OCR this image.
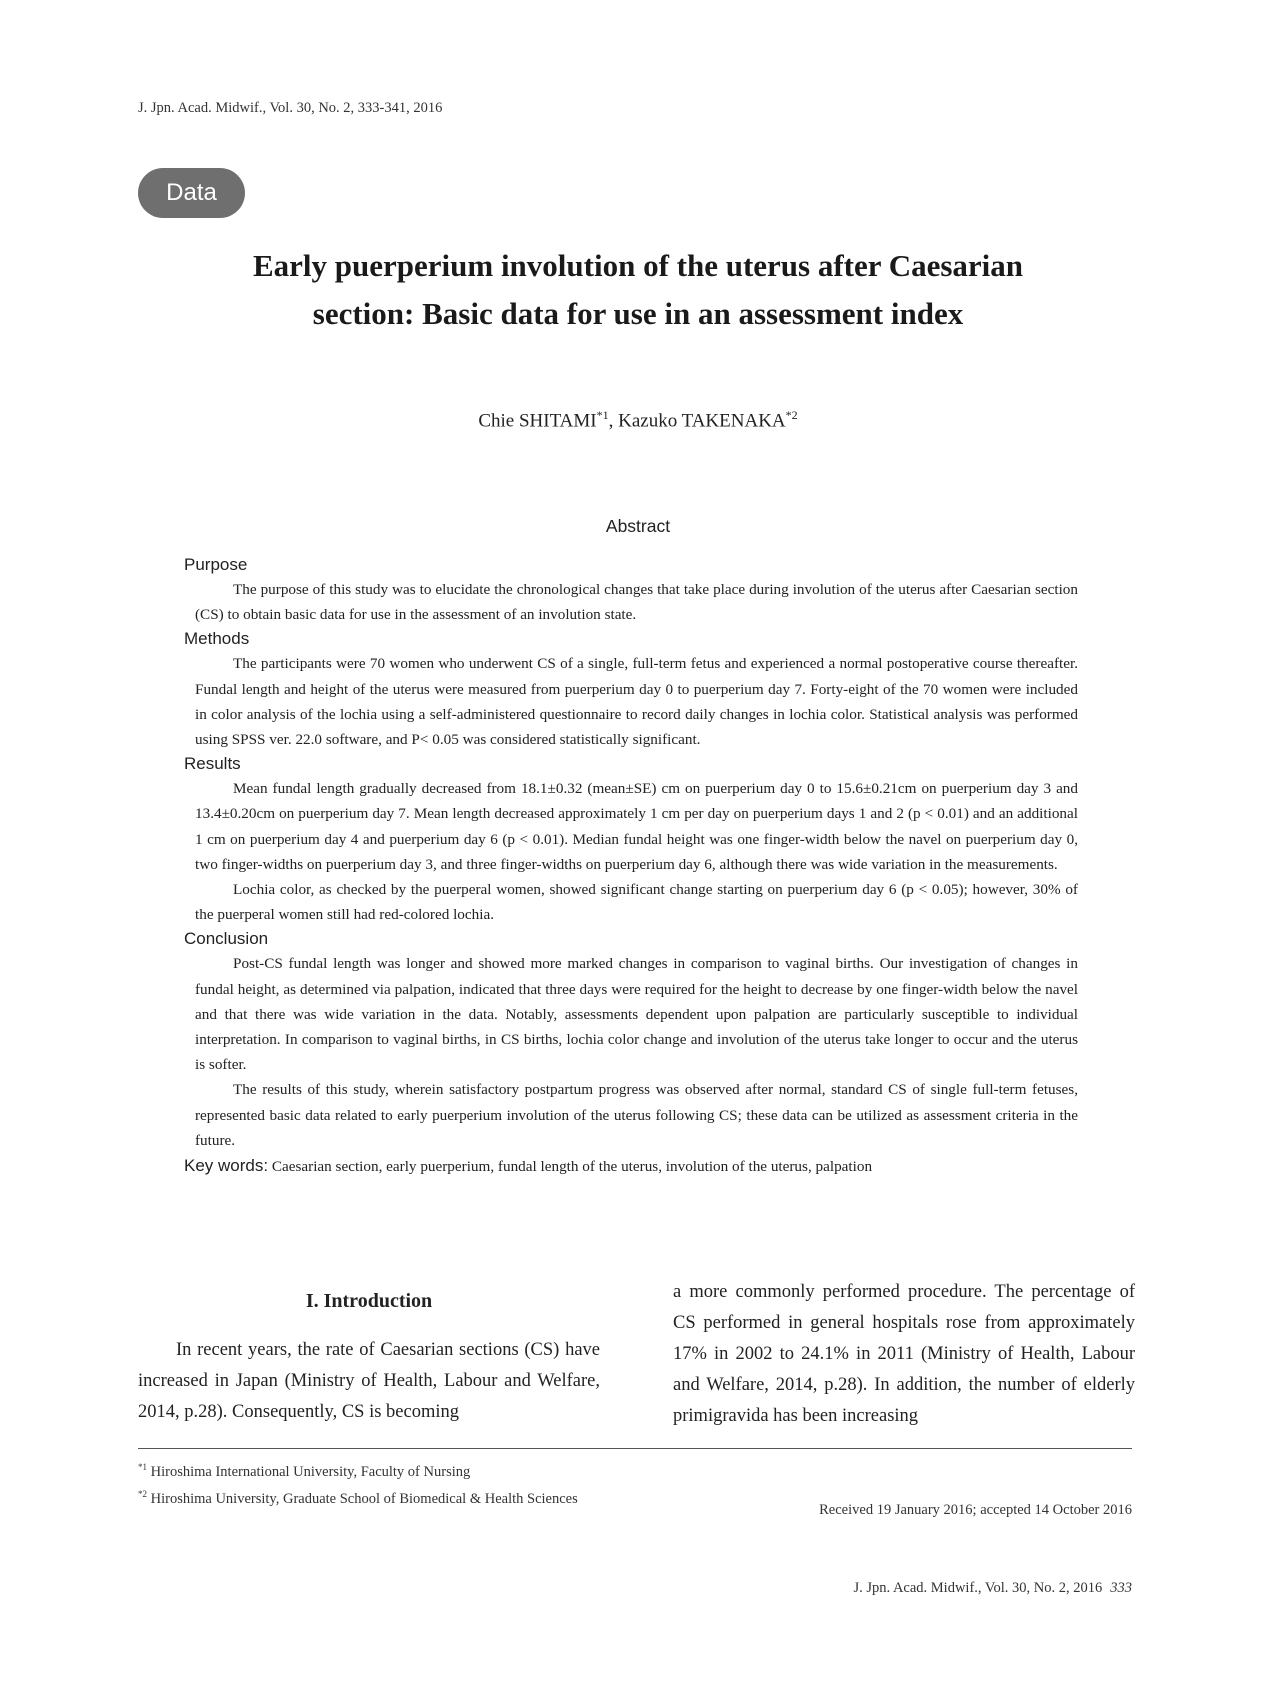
J. Jpn. Acad. Midwif., Vol. 30, No. 2, 333-341, 2016
Data
Early puerperium involution of the uterus after Caesarian
section: Basic data for use in an assessment index
Chie SHITAMI$^{*1}$, Kazuko TAKENAKA$^{*2}$
Abstract
Purpose

The purpose of this study was to elucidate the chronological changes that take place during involution of the uterus after Caesarian section (CS) to obtain basic data for use in the assessment of an involution state.

Methods

The participants were 70 women who underwent CS of a single, full-term fetus and experienced a normal postoperative course thereafter. Fundal length and height of the uterus were measured from puerperium day 0 to puerperium day 7. Forty-eight of the 70 women were included in color analysis of the lochia using a self-administered questionnaire to record daily changes in lochia color. Statistical analysis was performed using SPSS ver. 22.0 software, and P< 0.05 was considered statistically significant.

Results

Mean fundal length gradually decreased from 18.1±0.32 (mean±SE) cm on puerperium day 0 to 15.6±0.21cm on puerperium day 3 and 13.4±0.20cm on puerperium day 7. Mean length decreased approximately 1 cm per day on puerperium days 1 and 2 (p < 0.01) and an additional 1 cm on puerperium day 4 and puerperium day 6 (p < 0.01). Median fundal height was one finger-width below the navel on puerperium day 0, two finger-widths on puerperium day 3, and three finger-widths on puerperium day 6, although there was wide variation in the measurements.

Lochia color, as checked by the puerperal women, showed significant change starting on puerperium day 6 (p < 0.05); however, 30% of the puerperal women still had red-colored lochia.

Conclusion

Post-CS fundal length was longer and showed more marked changes in comparison to vaginal births. Our investigation of changes in fundal height, as determined via palpation, indicated that three days were required for the height to decrease by one finger-width below the navel and that there was wide variation in the data. Notably, assessments dependent upon palpation are particularly susceptible to individual interpretation. In comparison to vaginal births, in CS births, lochia color change and involution of the uterus take longer to occur and the uterus is softer.

The results of this study, wherein satisfactory postpartum progress was observed after normal, standard CS of single full-term fetuses, represented basic data related to early puerperium involution of the uterus following CS; these data can be utilized as assessment criteria in the future.

Key words: Caesarian section, early puerperium, fundal length of the uterus, involution of the uterus, palpation
I. Introduction

In recent years, the rate of Caesarian sections (CS) have increased in Japan (Ministry of Health, Labour and Welfare, 2014, p.28). Consequently, CS is becoming

a more commonly performed procedure. The percentage of CS performed in general hospitals rose from approximately 17% in 2002 to 24.1% in 2011 (Ministry of Health, Labour and Welfare, 2014, p.28). In addition, the number of elderly primigravida has been increasing

$^{*1}$ Hiroshima International University, Faculty of Nursing
$^{*2}$ Hiroshima University, Graduate School of Biomedical & Health Sciences
Received 19 January 2016; accepted 14 October 2016
J. Jpn. Acad. Midwif., Vol. 30, No. 2, 2016 333
